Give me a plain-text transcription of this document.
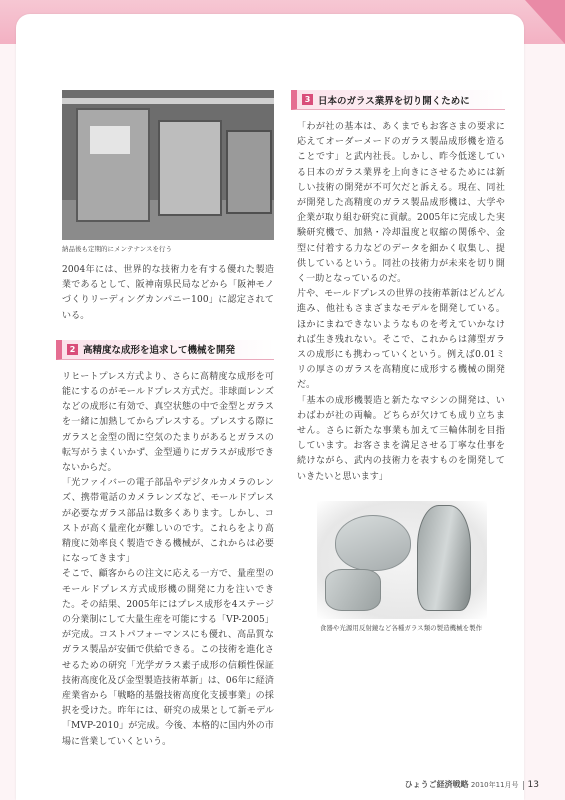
納品後も定期的にメンテナンスを行う

2004年には、世界的な技術力を有する優れた製造業であるとして、阪神南県民局などから「阪神モノづくりリーディングカンパニー100」に認定されている。

2 高精度な成形を追求して機械を開発

リヒートプレス方式より、さらに高精度な成形を可能にするのがモールドプレス方式だ。非球面レンズなどの成形に有効で、真空状態の中で金型とガラスを一緒に加熱してからプレスする。プレスする際にガラスと金型の間に空気のたまりがあるとガラスの転写がうまくいかず、金型通りにガラスが成形できないからだ。

「光ファイバーの電子部品やデジタルカメラのレンズ、携帯電話のカメラレンズなど、モールドプレスが必要なガラス部品は数多くあります。しかし、コストが高く量産化が難しいのです。これらをより高精度に効率良く製造できる機械が、これからは必要になってきます」

そこで、顧客からの注文に応える一方で、量産型のモールドプレス方式成形機の開発に力を注いできた。その結果、2005年にはプレス成形を4ステージの分業制にして大量生産を可能にする「VP-2005」が完成。コストパフォーマンスにも優れ、高品質なガラス製品が安価で供給できる。この技術を進化させるための研究「光学ガラス素子成形の信頼性保証技術高度化及び金型製造技術革新」は、06年に経済産業省から「戦略的基盤技術高度化支援事業」の採択を受けた。昨年には、研究の成果として新モデル「MVP-2010」が完成。今後、本格的に国内外の市場に営業していくという。

3 日本のガラス業界を切り開くために

「わが社の基本は、あくまでもお客さまの要求に応えてオーダーメードのガラス製品成形機を造ることです」と武内社長。しかし、昨今低迷している日本のガラス業界を上向きにさせるためには新しい技術の開発が不可欠だと訴える。現在、同社が開発した高精度のガラス製品成形機は、大学や企業が取り組む研究に貢献。2005年に完成した実験研究機で、加熱・冷却温度と収縮の関係や、金型に付着する力などのデータを細かく収集し、提供しているという。同社の技術力が未来を切り開く一助となっているのだ。

片や、モールドプレスの世界の技術革新はどんどん進み、他社もさまざまなモデルを開発している。ほかにまねできないようなものを考えていかなければ生き残れない。そこで、これからは薄型ガラスの成形にも携わっていくという。例えば0.01ミリの厚さのガラスを高精度に成形する機械の開発だ。

「基本の成形機製造と新たなマシンの開発は、いわばわが社の両輪。どちらが欠けても成り立ちません。さらに新たな事業も加えて三輪体制を目指しています。お客さまを満足させる丁寧な仕事を続けながら、武内の技術力を表すものを開発していきたいと思います」

食器や光源用反射鏡など各種ガラス類の製造機械を製作
ひょうご経済戦略 2010年11月号 13
